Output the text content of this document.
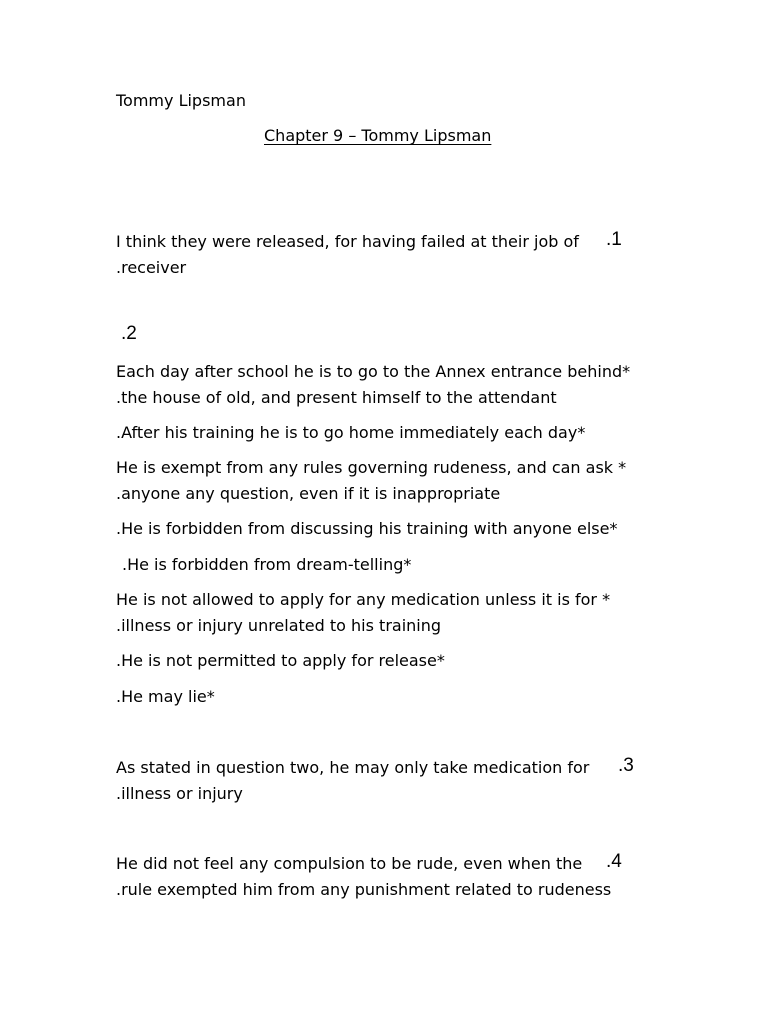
Tommy Lipsman
Chapter 9 – Tommy Lipsman
I think they were released, for having failed at their job of .1
.receiver
.2
Each day after school he is to go to the Annex entrance behind*
.the house of old, and present himself to the attendant
.After his training he is to go home immediately each day*
He is exempt from any rules governing rudeness, and can ask *
.anyone any question, even if it is inappropriate
.He is forbidden from discussing his training with anyone else*
.He is forbidden from dream-telling*
He is not allowed to apply for any medication unless it is for *
.illness or injury unrelated to his training
.He is not permitted to apply for release*
.He may lie*
As stated in question two, he may only take medication for .3
.illness or injury
He did not feel any compulsion to be rude, even when the .4
.rule exempted him from any punishment related to rudeness
